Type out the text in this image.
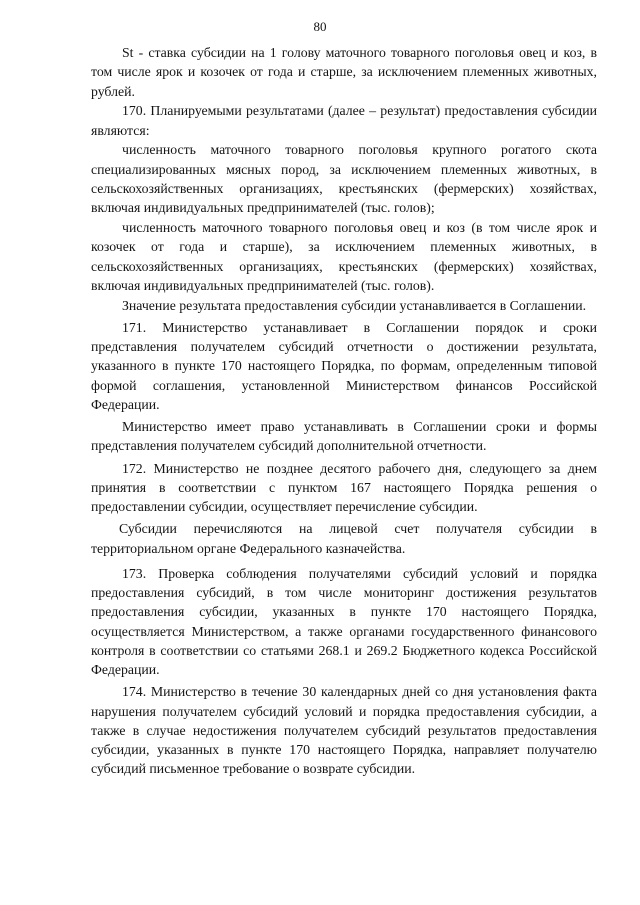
80

St - ставка субсидии на 1 голову маточного товарного поголовья овец и коз, в том числе ярок и козочек от года и старше, за исключением племенных животных, рублей.

170. Планируемыми результатами (далее – результат) предоставления субсидии являются:

численность маточного товарного поголовья крупного рогатого скота специализированных мясных пород, за исключением племенных животных, в сельскохозяйственных организациях, крестьянских (фермерских) хозяйствах, включая индивидуальных предпринимателей (тыс. голов);

численность маточного товарного поголовья овец и коз (в том числе ярок и козочек от года и старше), за исключением племенных животных, в сельскохозяйственных организациях, крестьянских (фермерских) хозяйствах, включая индивидуальных предпринимателей (тыс. голов).

Значение результата предоставления субсидии устанавливается в Соглашении.

171. Министерство устанавливает в Соглашении порядок и сроки представления получателем субсидий отчетности о достижении результата, указанного в пункте 170 настоящего Порядка, по формам, определенным типовой формой соглашения, установленной Министерством финансов Российской Федерации.

Министерство имеет право устанавливать в Соглашении сроки и формы представления получателем субсидий дополнительной отчетности.

172. Министерство не позднее десятого рабочего дня, следующего за днем принятия в соответствии с пунктом 167 настоящего Порядка решения о предоставлении субсидии, осуществляет перечисление субсидии.

Субсидии перечисляются на лицевой счет получателя субсидии в территориальном органе Федерального казначейства.

173. Проверка соблюдения получателями субсидий условий и порядка предоставления субсидий, в том числе мониторинг достижения результатов предоставления субсидии, указанных в пункте 170 настоящего Порядка, осуществляется Министерством, а также органами государственного финансового контроля в соответствии со статьями 268.1 и 269.2 Бюджетного кодекса Российской Федерации.

174. Министерство в течение 30 календарных дней со дня установления факта нарушения получателем субсидий условий и порядка предоставления субсидии, а также в случае недостижения получателем субсидий результатов предоставления субсидии, указанных в пункте 170 настоящего Порядка, направляет получателю субсидий письменное требование о возврате субсидии.
